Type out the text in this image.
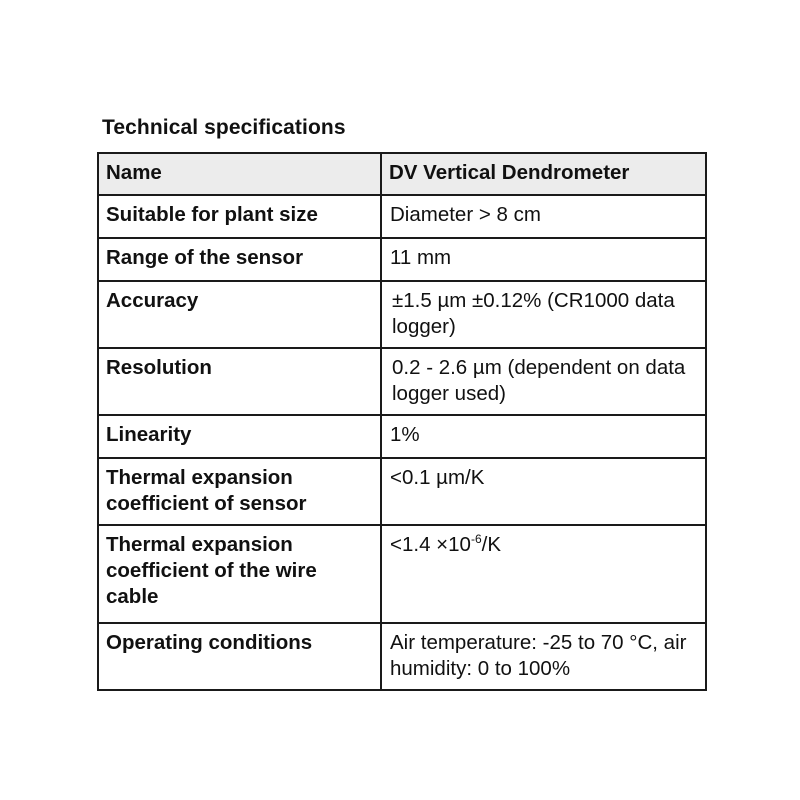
Technical specifications
Name	DV Vertical Dendrometer
Suitable for plant size	Diameter > 8 cm
Range of the sensor	11 mm
Accuracy	±1.5 µm ±0.12% (CR1000 data logger)
Resolution	0.2 - 2.6 µm (dependent on data logger used)
Linearity	1%
Thermal expansion coefficient of sensor	<0.1 µm/K
Thermal expansion coefficient of the wire cable	$<1.4 \times 10^{-6}/K$
Operating conditions	Air temperature: -25 to 70 °C, air humidity: 0 to 100%
